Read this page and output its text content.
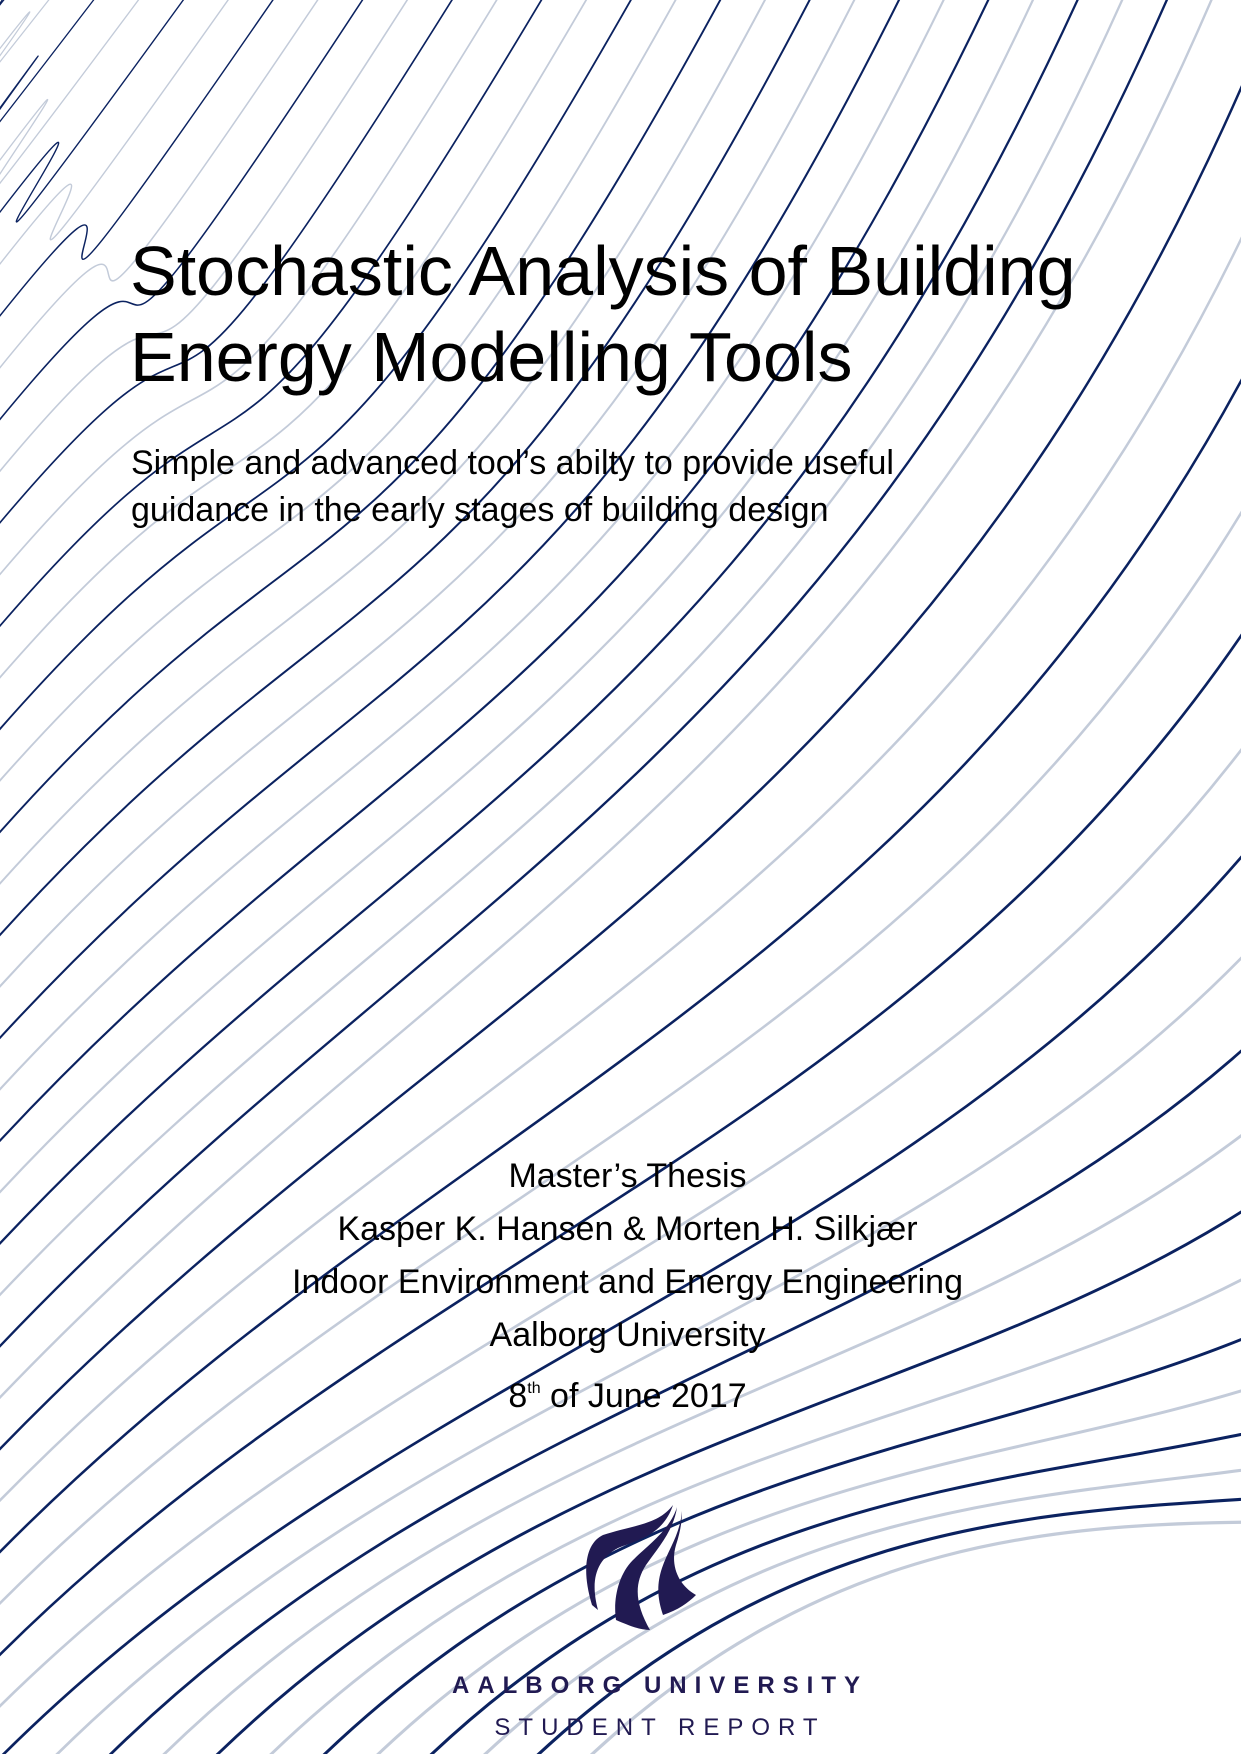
Stochastic Analysis of Building
Energy Modelling Tools
Simple and advanced tool’s abilty to provide useful
guidance in the early stages of building design
Master’s Thesis
Kasper K. Hansen & Morten H. Silkjær
Indoor Environment and Energy Engineering
Aalborg University
8th of June 2017
AALBORG UNIVERSITY
STUDENT REPORT
